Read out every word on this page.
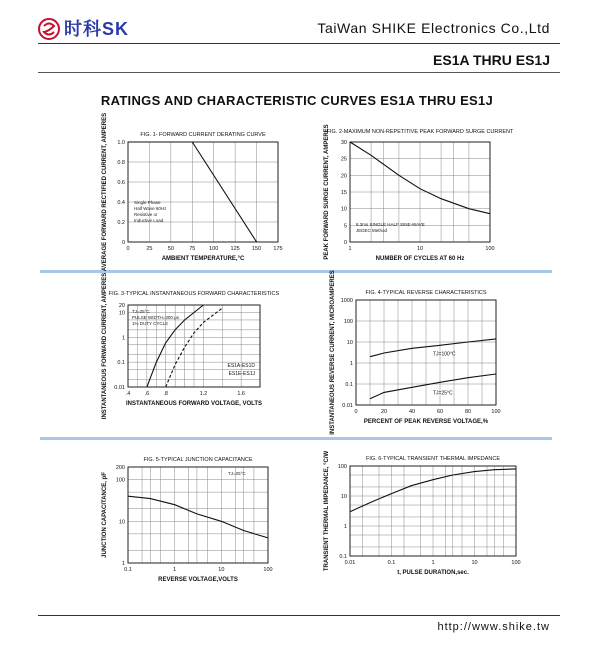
时科SK	TaiWan SHIKE Electronics Co.,Ltd
ES1A THRU ES1J
RATINGS AND CHARACTERISTIC CURVES ES1A THRU ES1J
FIG. 1- FORWARD CURRENT DERATING CURVE
0	25	50	75	100 125 150 175
0
0.2
0.4
0.6
0.8
1.0
AMBIENT TEMPERATURE,°C
AVERAGE FORWARD RECTIFIED CURRENT, AMPERES	Single Phase
Half Wave 60Hz
Resistive or
Inductive Load
FIG. 2-MAXIMUM NON-REPETITIVE PEAK FORWARD SURGE CURRENT
1	10	100
0
5
10
15
20
25
30
NUMBER OF CYCLES AT 60 Hz
PEAK FORWARD SURGE CURRENT, AMPERES	8.3ms SINGLE HALF SINE-WAVE
JEDEC Method
FIG. 3-TYPICAL INSTANTANEOUS FORWARD CHARACTERISTICS
.4	.6	.8	1.2	1.6
0.01
0.1
1
10
20
INSTANTANEOUS FORWARD VOLTAGE, VOLTS
INSTANTANEOUS FORWARD CURRENT, AMPERES	TJ=25°C
PULSE WIDTH=300 μs
1% DUTY CYCLE
ES1A-ES1D
ES1E-ES1J
FIG. 4-TYPICAL REVERSE CHARACTERISTICS
0	20	40	60	80	100
0.01
0.1
1
10
100
1000
PERCENT OF PEAK REVERSE VOLTAGE,%
INSTANTANEOUS REVERSE CURRENT, MICROAMPERES	TJ=100°C
TJ=25°C
FIG. 5-TYPICAL JUNCTION CAPACITANCE
0.1	1	10	100
1
10
100
200
REVERSE VOLTAGE,VOLTS
JUNCTION CAPACITANCE, pF	TJ=25°C
FIG. 6-TYPICAL TRANSIENT THERMAL IMPEDANCE
0.01	0.1	1	10	100
0.1
1
10
100
t, PULSE DURATION,sec.
TRANSIENT THERMAL IMPEDANCE, °C/W
http://www.shike.tw
